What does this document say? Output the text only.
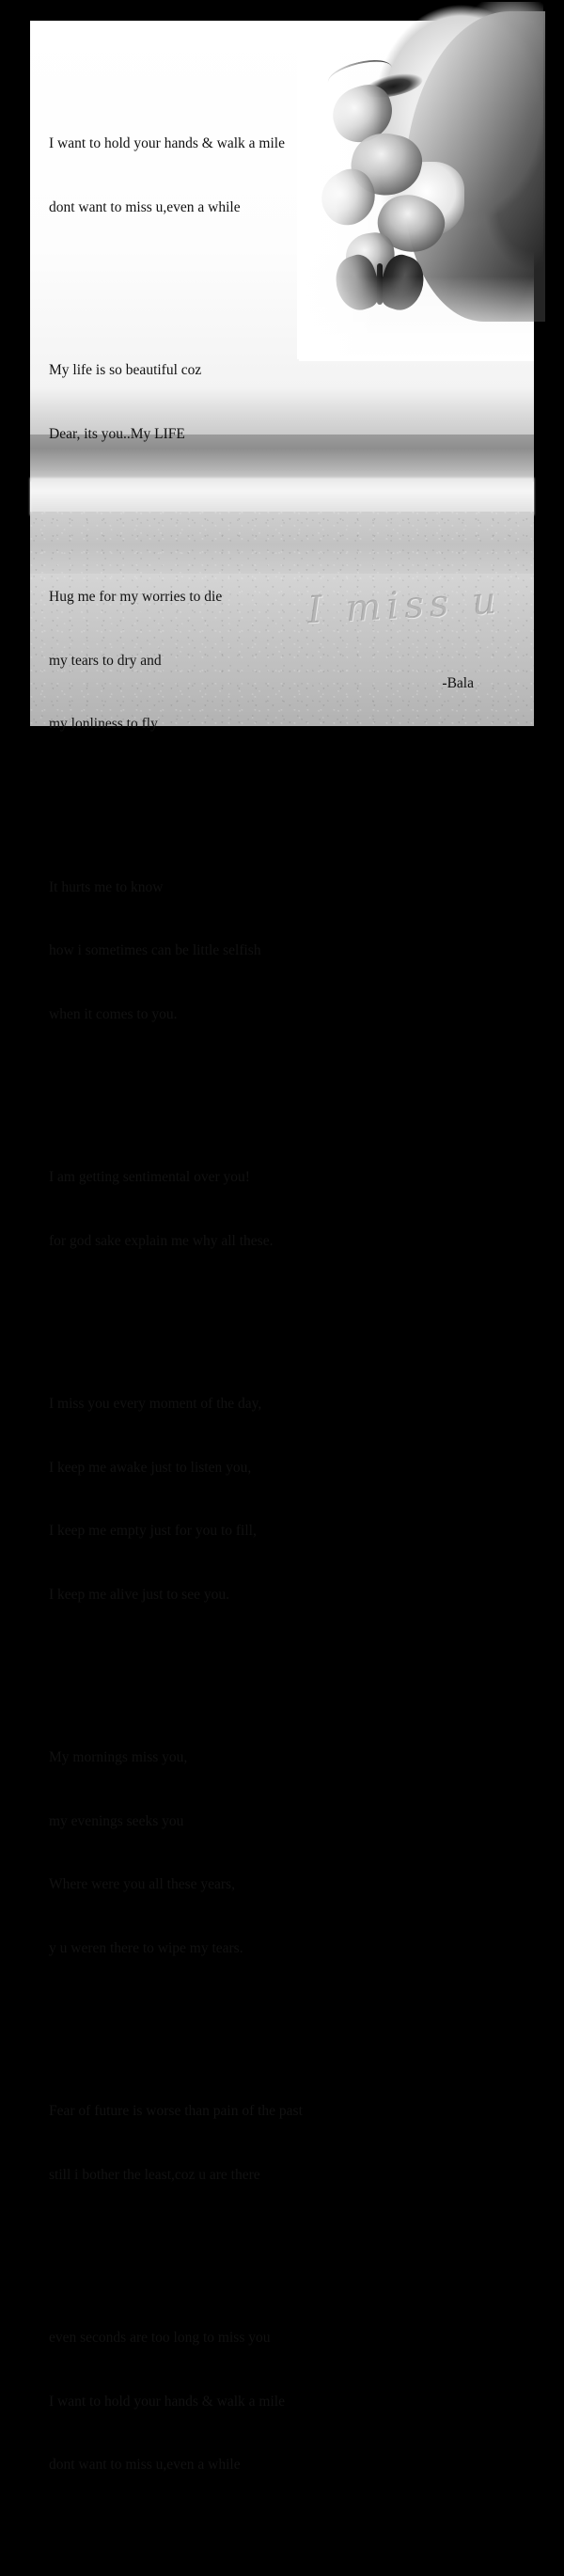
I miss u

I want to hold your hands & walk a mile

dont want to miss u,even a while

My life is so beautiful coz

Dear, its you..My LIFE

Hug me for my worries to die

my tears to dry and

my lonliness to fly

It hurts me to know

how i sometimes can be little selfish

when it comes to you.

I am getting sentimental over you!

for god sake explain me why all these.

I miss you every moment of the day,

I keep me awake just to listen you,

I keep me empty just for you to fill,

I keep me alive just to see you.

My mornings miss you,

my evenings seeks you

Where were you all these years,

y u weren there to wipe my tears.

Fear of future is worse than pain of the past

still i bother the least,coz u are there

even seconds are too long to miss you

I want to hold your hands & walk a mile

dont want to miss u,even a while

-Bala
